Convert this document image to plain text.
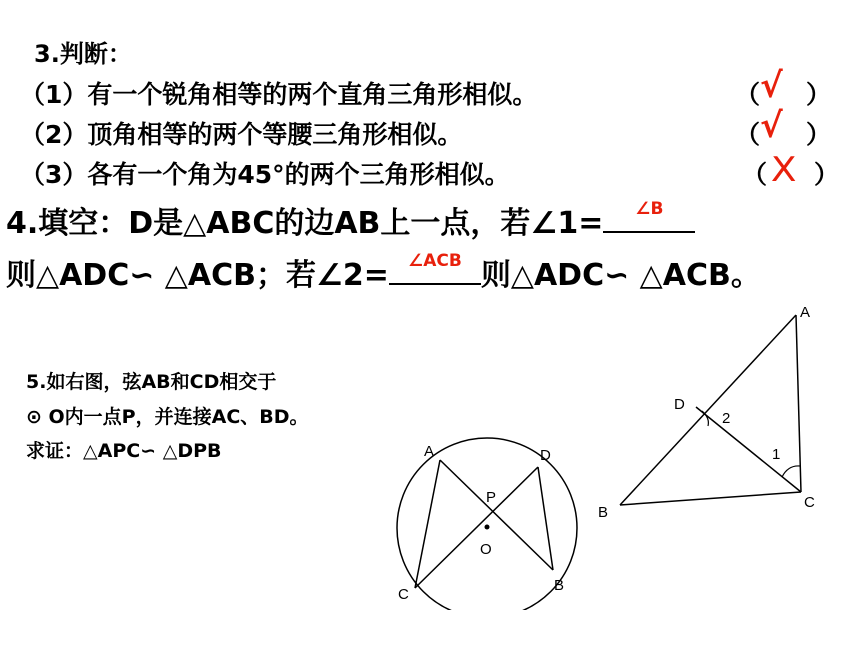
3.判断：
（1）有一个锐角相等的两个直角三角形相似。	（ √ ）
（2）顶角相等的两个等腰三角形相似。	（ √ ）
（3）各有一个角为45°的两个三角形相似。	（ X ）
4.填空：D是△ABC的边AB上一点，若∠1=	∠B
则△ADC∽ △ACB；若∠2=	∠ACB 则△ADC∽ △ACB。
5.如右图，弦AB和CD相交于
⊙ O内一点P，并连接AC、BD。
求证：△APC∽ △DPB	A	D
P
O
C
B
A
D
B
C
1
2
